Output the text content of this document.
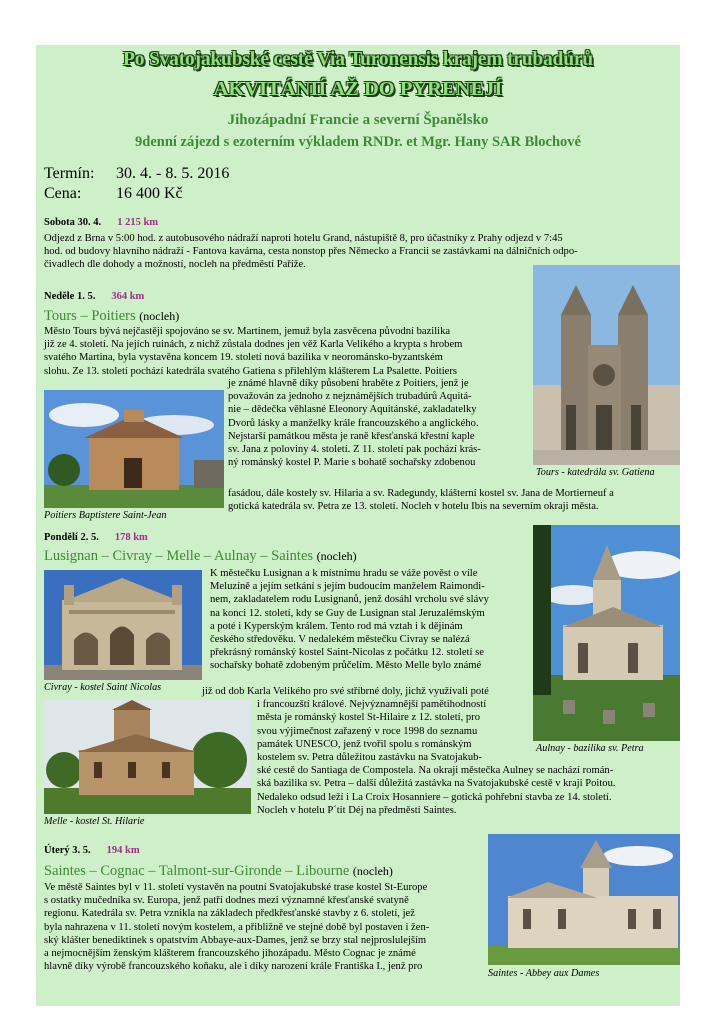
Po Svatojakubské cestě Via Turonensis krajem trubadúrů
AKVITÁNIÍ AŽ DO PYRENEJÍ
Jihozápadní Francie a severní Španělsko
9denní zájezd s ezoterním výkladem RNDr. et Mgr. Hany SAR Blochové
Termín: 30. 4. - 8. 5. 2016
Cena: 16 400 Kč
Sobota 30. 4. 1 215 km
Odjezd z Brna v 5:00 hod. z autobusového nádraží naproti hotelu Grand, nástupiště 8, pro účastníky z Prahy odjezd v 7:45
hod. od budovy hlavního nádraží - Fantova kavárna, cesta nonstop přes Německo a Francii se zastávkami na dálničních odpo-
čivadlech dle dohody a možností, nocleh na předměstí Paříže.
Neděle 1. 5. 364 km
Tours – Poitiers (nocleh)
Město Tours bývá nejčastěji spojováno se sv. Martinem, jemuž byla zasvěcena původní bazilika
již ze 4. století. Na jejích ruinách, z nichž zůstala dodnes jen věž Karla Velikého a krypta s hrobem
svatého Martina, byla vystavěna koncem 19. století nová bazilika v neorománsko-byzantském
slohu. Ze 13. století pochází katedrála svatého Gatiena s přilehlým klášterem La Psalette. Poitiers
Tours - katedrála sv. Gatiena
Poitiers Baptistere Saint-Jean
je známé hlavně díky působení hraběte z Poitiers, jenž je
považován za jednoho z nejznámějších trubadúrů Aquitá-
nie – dědečka věhlasné Eleonory Aquitánské, zakladatelky
Dvorů lásky a manželky krále francouzského a anglického.
Nejstarší památkou města je raně křesťanská křestní kaple
sv. Jana z poloviny 4. století. Z 11. století pak pochází krás-
ný románský kostel P. Marie s bohatě sochařsky zdobenou
fasádou, dále kostely sv. Hilaria a sv. Radegundy, klášterní kostel sv. Jana de Mortierneuf a
gotická katedrála sv. Petra ze 13. století. Nocleh v hotelu Ibis na severním okraji města.
Pondělí 2. 5. 178 km
Lusignan – Civray – Melle – Aulnay – Saintes (nocleh)
Civray - kostel Saint Nicolas
K městečku Lusignan a k místnímu hradu se váže pověst o víle
Meluzíně a jejím setkání s jejím budoucím manželem Raimondi-
nem, zakladatelem rodu Lusignanů, jenž dosáhl vrcholu své slávy
na konci 12. století, kdy se Guy de Lusignan stal Jeruzalémským
a poté i Kyperským králem. Tento rod má vztah i k dějinám
českého středověku. V nedalekém městečku Civray se nalézá
překrásný románský kostel Saint-Nicolas z počátku 12. století se
sochařsky bohatě zdobeným průčelím. Město Melle bylo známé
Aulnay - bazilika sv. Petra
Melle - kostel St. Hilarie
již od dob Karla Velikého pro své stříbrné doly, jichž využívali poté
i francouzští králové. Nejvýznamnější pamětihodností
města je románský kostel St-Hilaire z 12. století, pro
svou výjimečnost zařazený v roce 1998 do seznamu
památek UNESCO, jenž tvořil spolu s románským
kostelem sv. Petra důležitou zastávku na Svatojakub-
ské cestě do Santiaga de Compostela. Na okraji městečka Aulney se nachází román-
ská bazilika sv. Petra – další důležitá zastávka na Svatojakubské cestě v kraji Poitou.
Nedaleko odsud leží i La Croix Hosanniere – gotická pohřební stavba ze 14. století.
Nocleh v hotelu P´tit Déj na předměstí Saintes.
Úterý 3. 5. 194 km
Saintes – Cognac – Talmont-sur-Gironde – Libourne (nocleh)
Ve městě Saintes byl v 11. století vystavěn na poutní Svatojakubské trase kostel St-Europe
s ostatky mučedníka sv. Europa, jenž patří dodnes mezi významné křesťanské svatyně
regionu. Katedrála sv. Petra vznikla na základech předkřesťanské stavby z 6. století, jež
byla nahrazena v 11. století novým kostelem, a přibližně ve stejné době byl postaven i žen-
ský klášter benediktinek s opatstvím Abbaye-aux-Dames, jenž se brzy stal nejproslulejším
a nejmocnějším ženským klášterem francouzského jihozápadu. Město Cognac je známé
hlavně díky výrobě francouzského koňaku, ale i díky narození krále Františka I., jenž pro
Saintes - Abbey aux Dames
